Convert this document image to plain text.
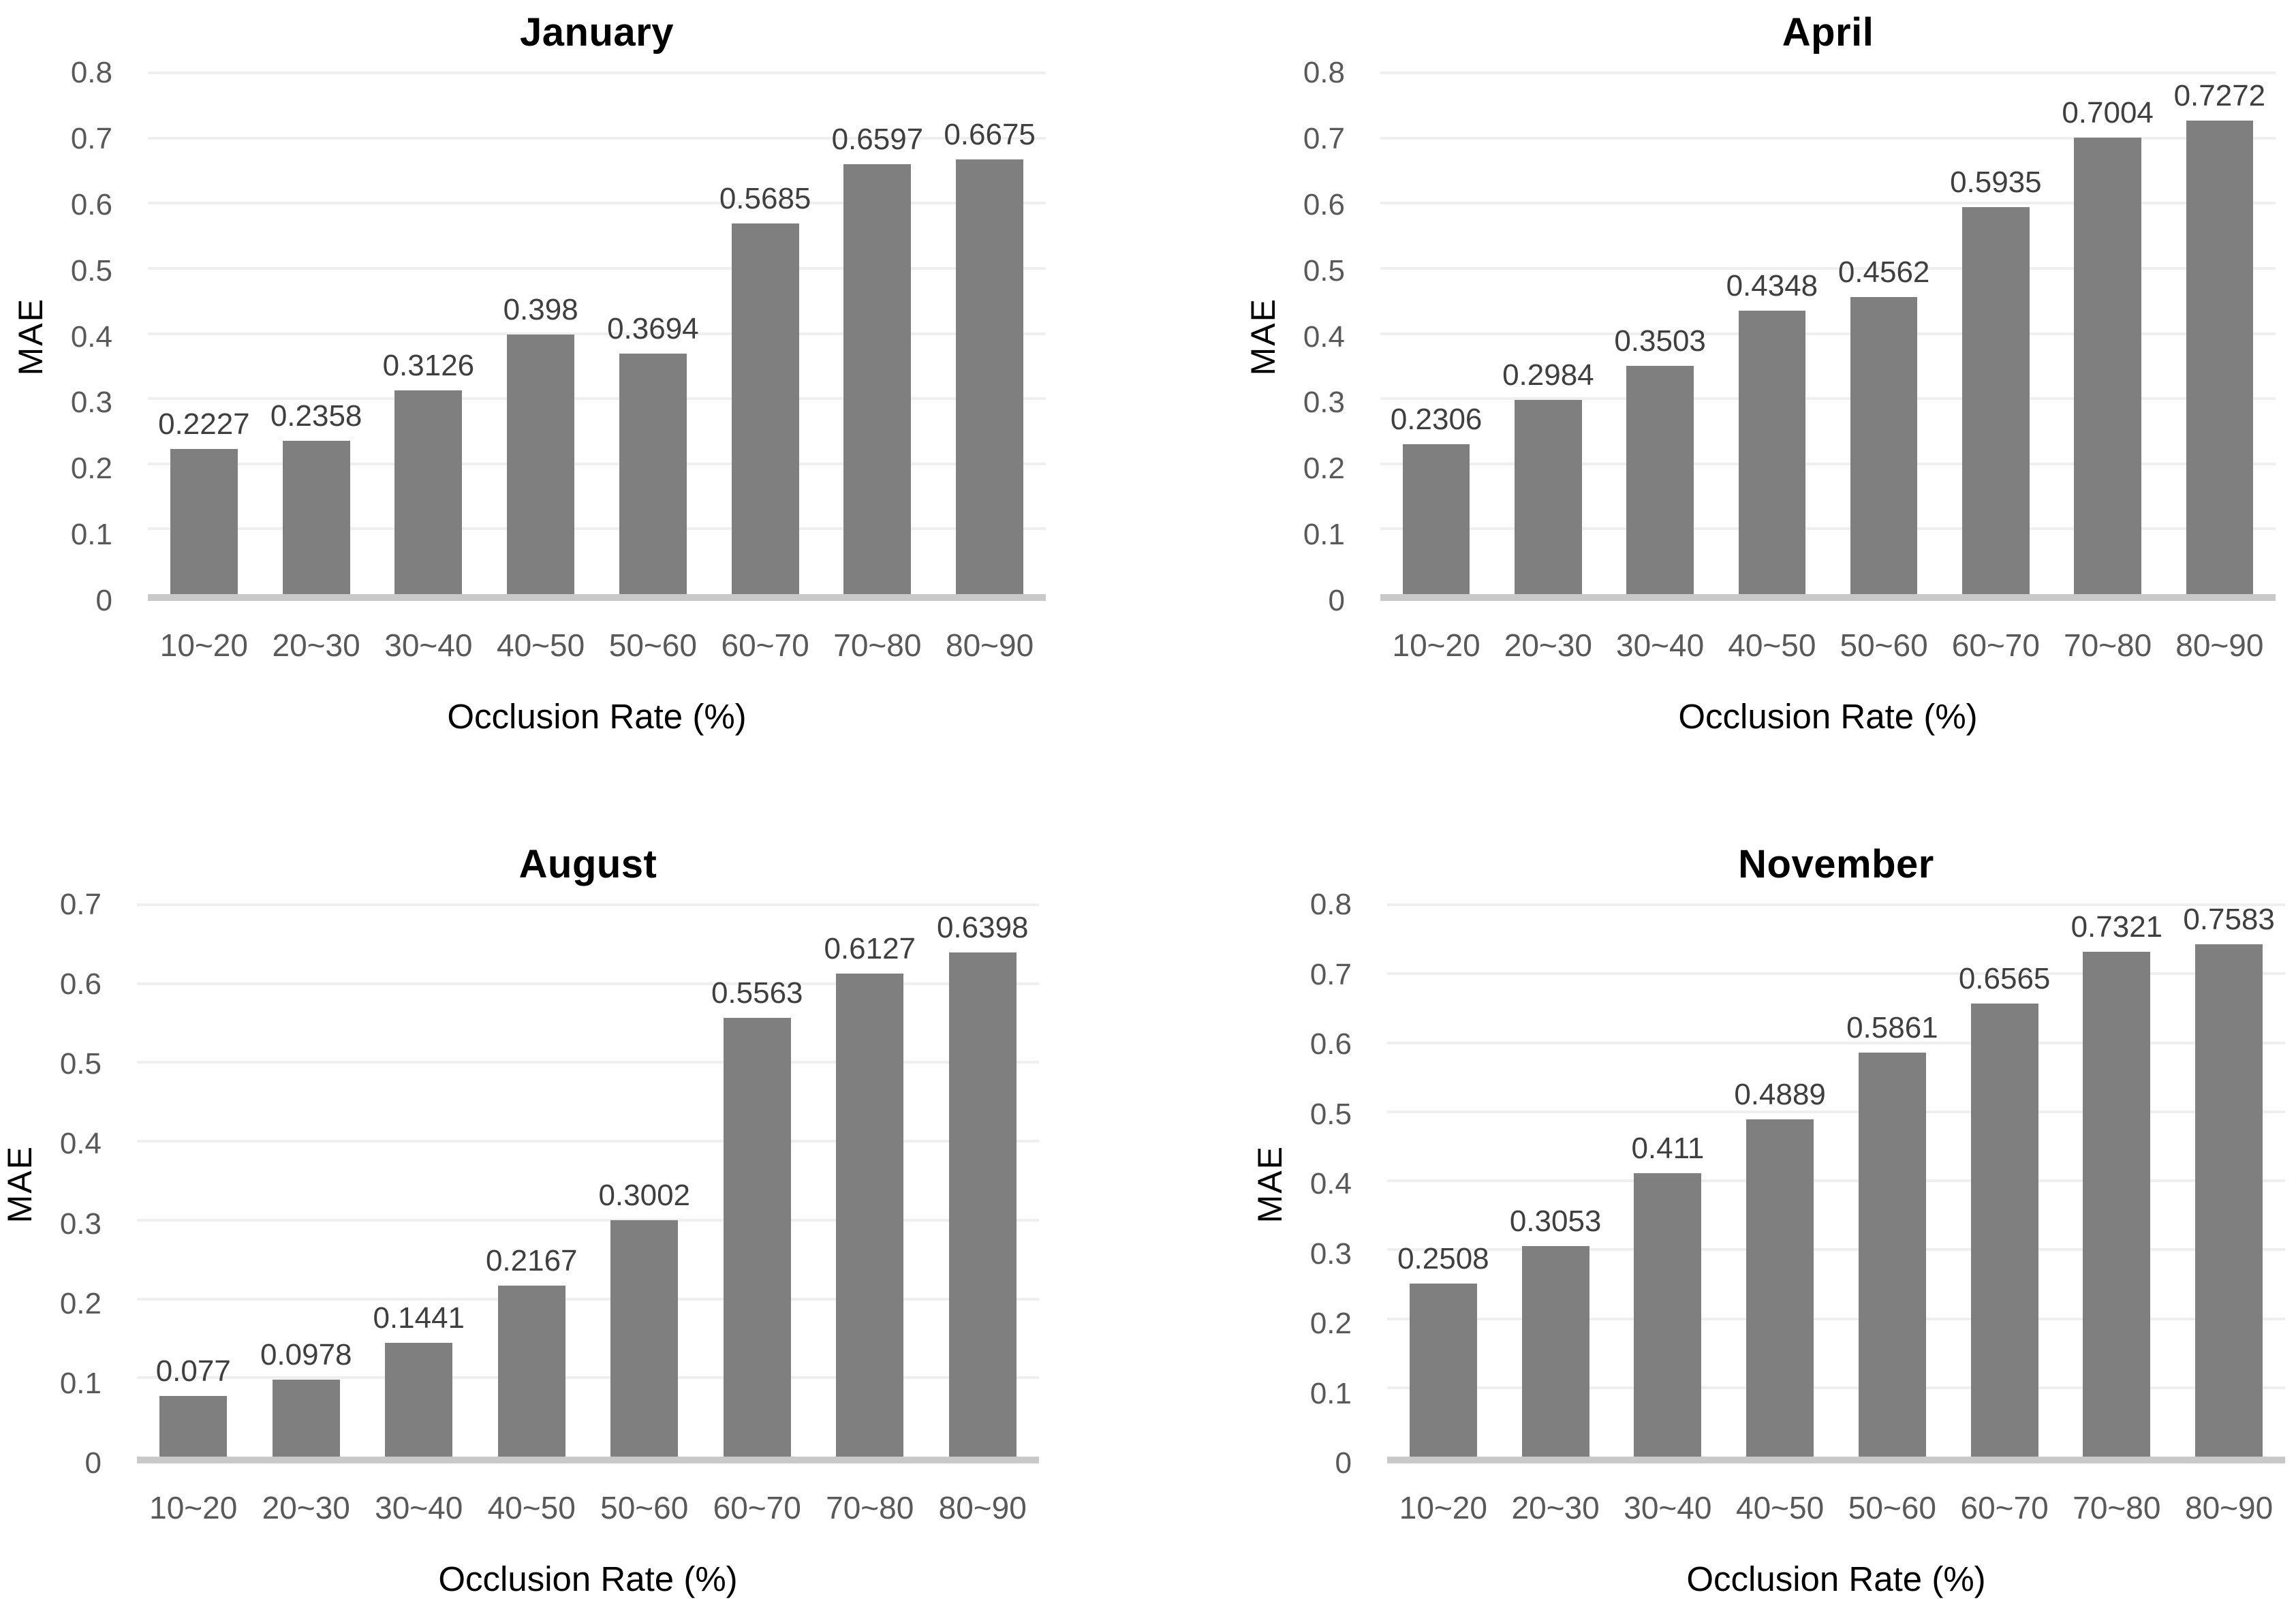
January
MAE
0
0.1
0.2
0.3
0.4
0.5
0.6
0.7
0.8
0.2227 0.2358
0.3126
0.398
0.3694
0.5685
0.6597 0.6675
10~20 20~30 30~40 40~50 50~60 60~70 70~80 80~90
Occlusion Rate (%)
April
MAE
0
0.1
0.2
0.3
0.4
0.5
0.6
0.7
0.8
0.2306
0.2984
0.3503
0.4348 0.4562
0.5935
0.7004
0.7272
10~20 20~30 30~40 40~50 50~60 60~70 70~80 80~90
Occlusion Rate (%)
August
MAE
0
0.1
0.2
0.3
0.4
0.5
0.6
0.7
0.077 0.0978
0.1441
0.2167
0.3002
0.5563
0.6127
0.6398
10~20 20~30 30~40 40~50 50~60 60~70 70~80 80~90
Occlusion Rate (%)
November
MAE
0
0.1
0.2
0.3
0.4
0.5
0.6
0.7
0.8
0.2508
0.3053
0.411
0.4889
0.5861
0.6565
0.7321 0.7583
10~20 20~30 30~40 40~50 50~60 60~70 70~80 80~90
Occlusion Rate (%)
